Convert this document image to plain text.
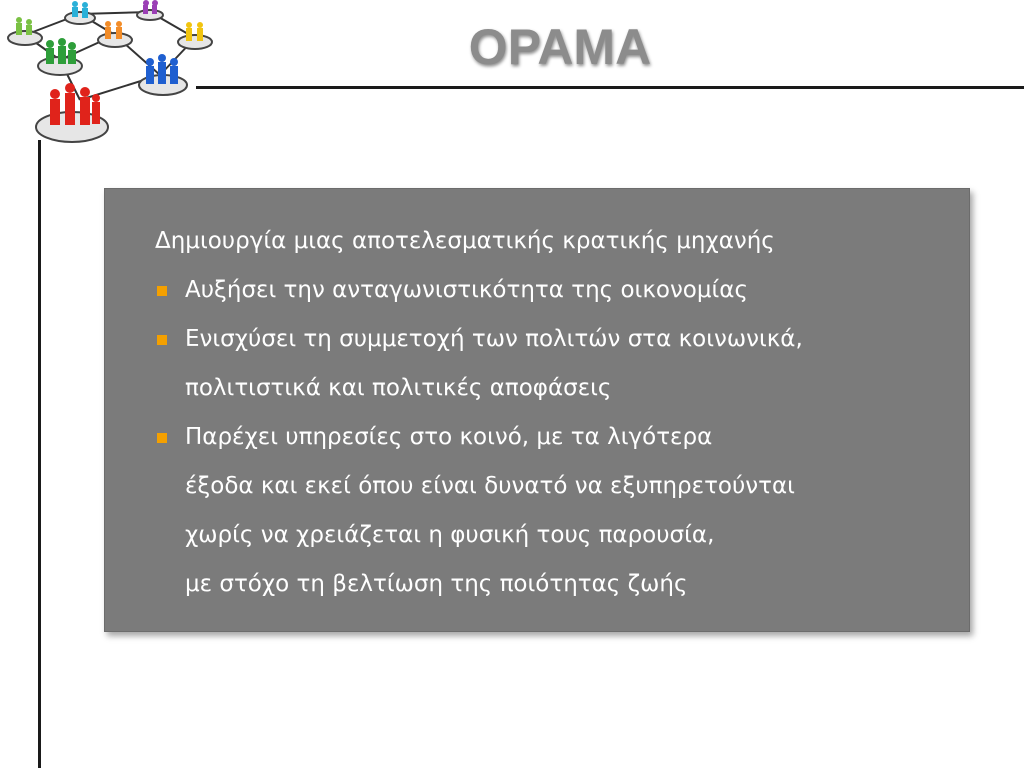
ΟΡΑΜΑ
Δημιουργία μιας αποτελεσματικής κρατικής μηχανής
Αυξήσει την ανταγωνιστικότητα της οικονομίας
Ενισχύσει τη συμμετοχή των πολιτών στα κοινωνικά,
πολιτιστικά και πολιτικές αποφάσεις
Παρέχει υπηρεσίες στο κοινό, με τα λιγότερα
έξοδα και εκεί όπου είναι δυνατό να εξυπηρετούνται
χωρίς να χρειάζεται η φυσική τους παρουσία,
με στόχο τη βελτίωση της ποιότητας ζωής
